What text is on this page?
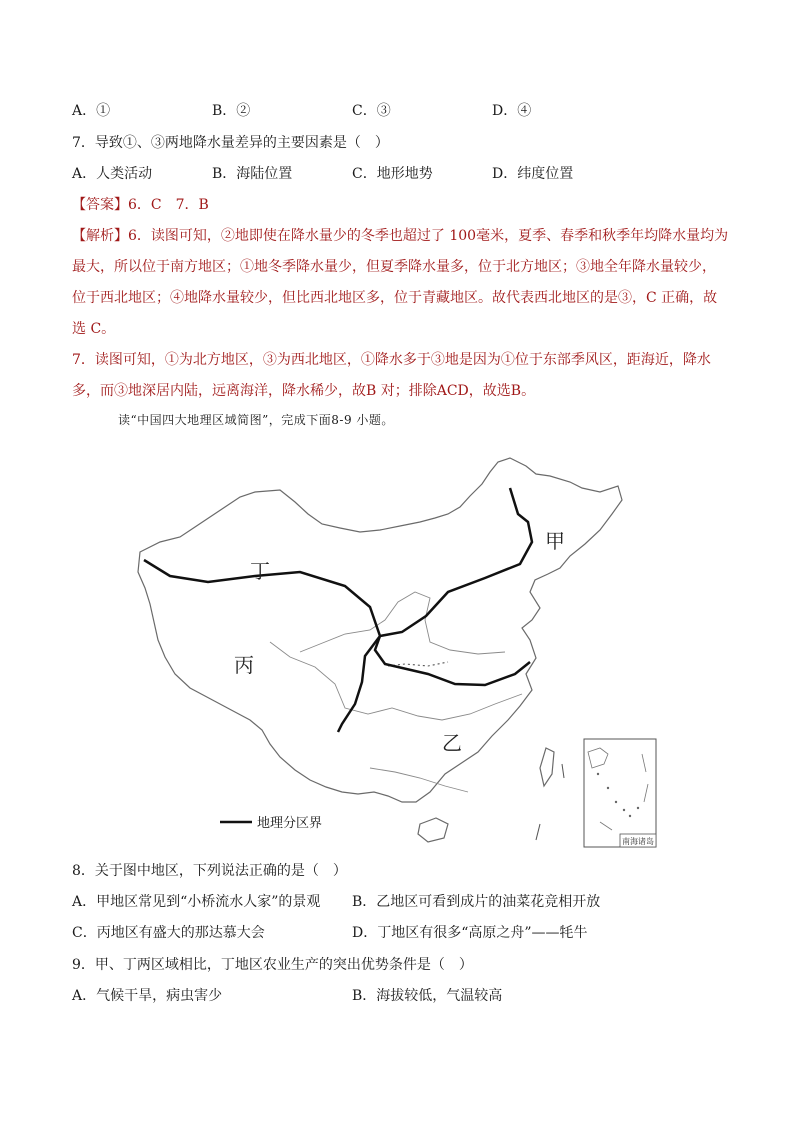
A．①	B．②	C．③	D．④
7．导致①、③两地降水量差异的主要因素是（　）
A．人类活动	B．海陆位置	C．地形地势	D．纬度位置
【答案】6．C　7．B
【解析】6．读图可知，②地即使在降水量少的冬季也超过了 100毫米，夏季、春季和秋季年均降水量均为
最大，所以位于南方地区；①地冬季降水量少，但夏季降水量多，位于北方地区；③地全年降水量较少，
位于西北地区；④地降水量较少，但比西北地区多，位于青藏地区。故代表西北地区的是③，C 正确，故
选 C。
7．读图可知，①为北方地区，③为西北地区，①降水多于③地是因为①位于东部季风区，距海近，降水
多，而③地深居内陆，远离海洋，降水稀少，故B 对；排除ACD，故选B。
读“中国四大地理区域简图”，完成下面8-9 小题。
甲
丁
丙
乙
南海诸岛
地理分区界
8．关于图中地区，下列说法正确的是（　）
A．甲地区常见到“小桥流水人家”的景观 B．乙地区可看到成片的油菜花竞相开放
C．丙地区有盛大的那达慕大会	D．丁地区有很多“高原之舟”——牦牛
9．甲、丁两区域相比，丁地区农业生产的突出优势条件是（　）
A．气候干旱，病虫害少	B．海拔较低，气温较高
